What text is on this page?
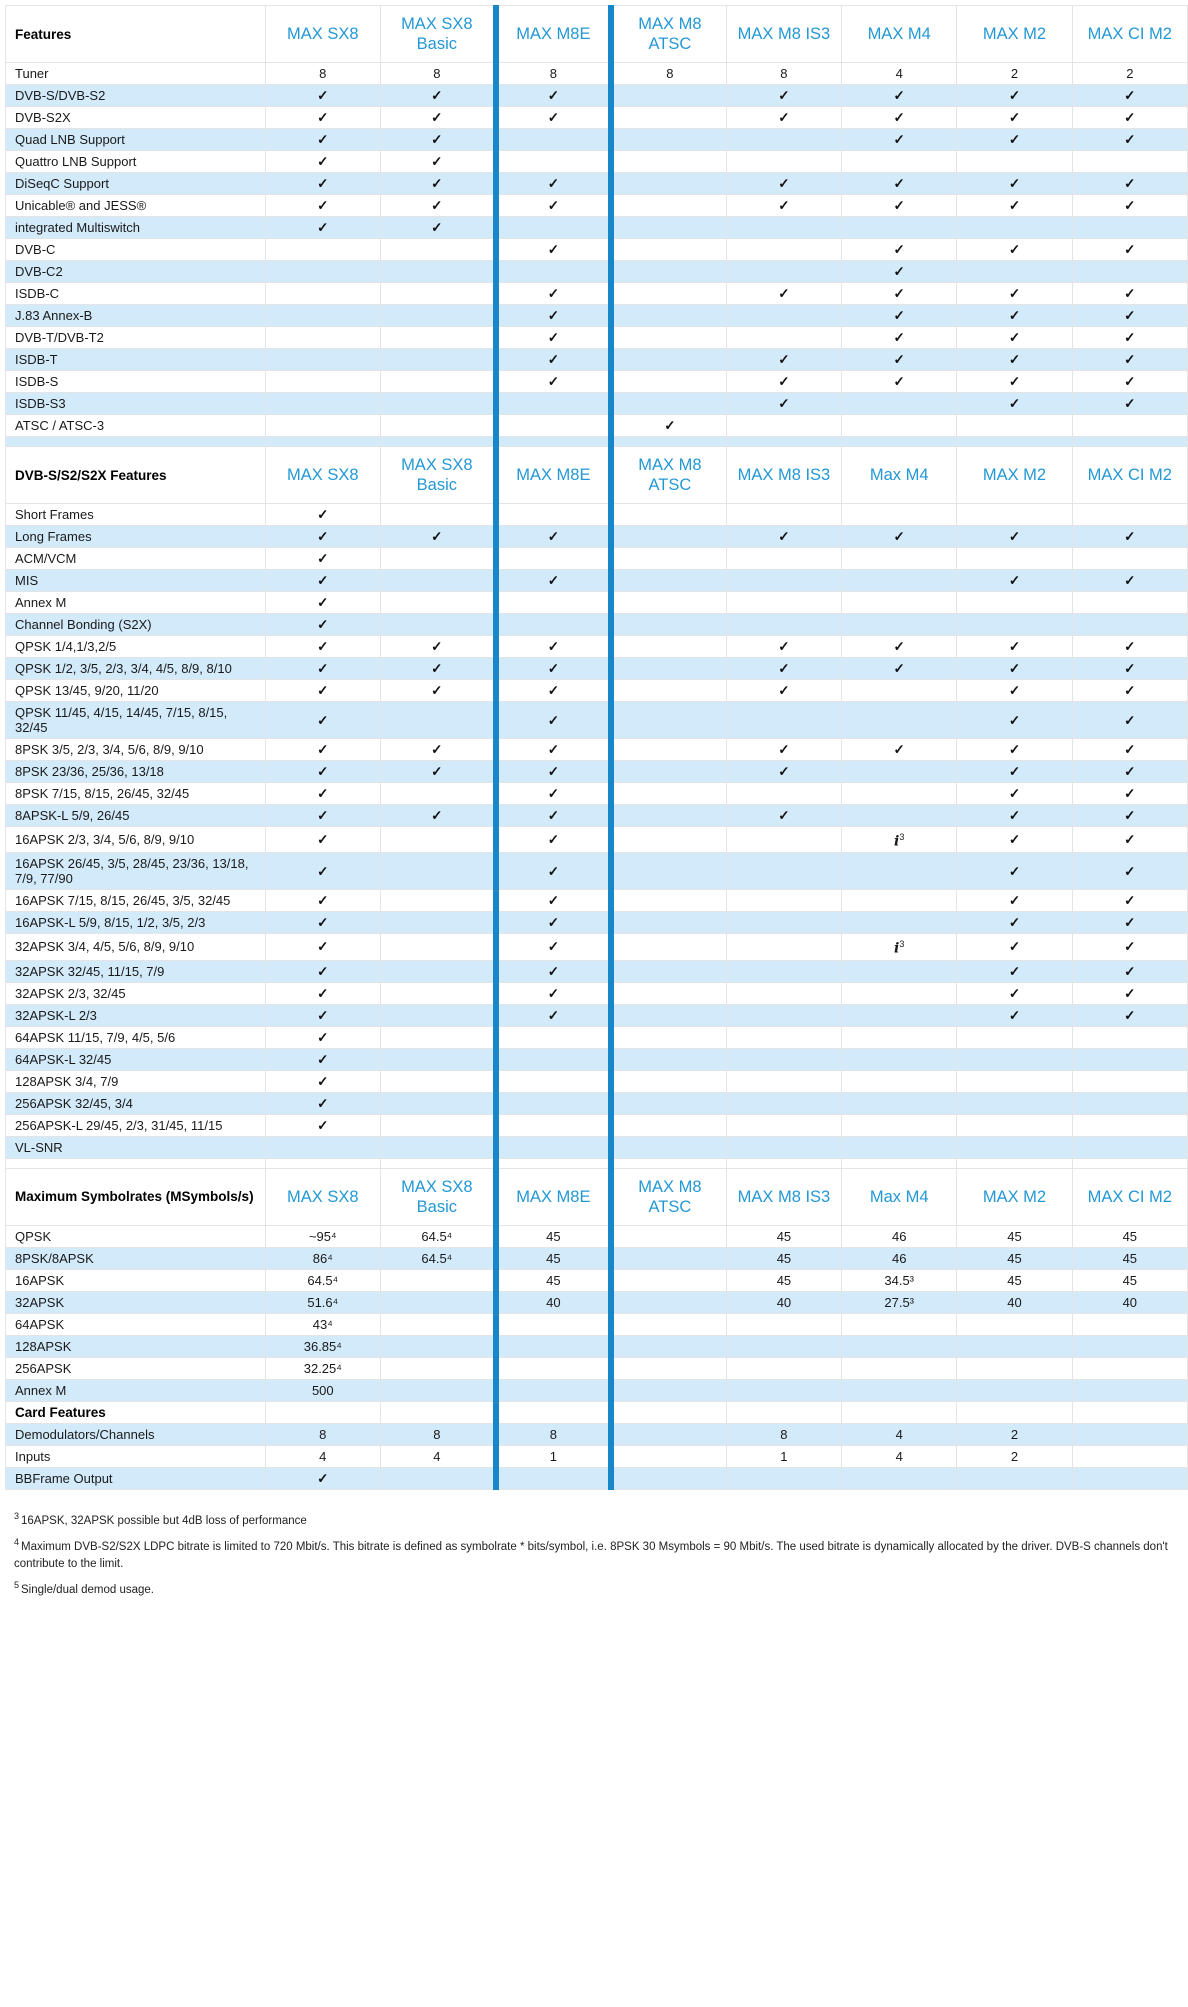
Features	MAX SX8	MAX SX8 Basic	MAX M8E	MAX M8 ATSC	MAX M8 IS3	MAX M4	MAX M2	MAX CI M2
Tuner	8	8	8	8	8	4	2	2
DVB-S/DVB-S2	✓	✓	✓		✓	✓	✓	✓
DVB-S2X	✓	✓	✓		✓	✓	✓	✓
Quad LNB Support	✓	✓				✓	✓	✓
Quattro LNB Support	✓	✓						
DiSeqC Support	✓	✓	✓		✓	✓	✓	✓
Unicable® and JESS®	✓	✓	✓		✓	✓	✓	✓
integrated Multiswitch	✓	✓						
DVB-C			✓			✓	✓	✓
DVB-C2						✓		
ISDB-C			✓		✓	✓	✓	✓
J.83 Annex-B			✓			✓	✓	✓
DVB-T/DVB-T2			✓			✓	✓	✓
ISDB-T			✓		✓	✓	✓	✓
ISDB-S			✓		✓	✓	✓	✓
ISDB-S3					✓		✓	✓
ATSC / ATSC-3				✓				

DVB-S/S2/S2X Features	MAX SX8	MAX SX8 Basic	MAX M8E	MAX M8 ATSC	MAX M8 IS3	Max M4	MAX M2	MAX CI M2
Short Frames	✓							
Long Frames	✓	✓	✓		✓	✓	✓	✓
ACM/VCM	✓							
MIS	✓		✓				✓	✓
Annex M	✓							
Channel Bonding (S2X)	✓							
QPSK 1/4,1/3,2/5	✓	✓	✓		✓	✓	✓	✓
QPSK 1/2, 3/5, 2/3, 3/4, 4/5, 8/9, 8/10	✓	✓	✓		✓	✓	✓	✓
QPSK 13/45, 9/20, 11/20	✓	✓	✓		✓		✓	✓
QPSK 11/45, 4/15, 14/45, 7/15, 8/15, 32/45	✓		✓				✓	✓
8PSK 3/5, 2/3, 3/4, 5/6, 8/9, 9/10	✓	✓	✓		✓	✓	✓	✓
8PSK 23/36, 25/36, 13/18	✓	✓	✓		✓		✓	✓
8PSK 7/15, 8/15, 26/45, 32/45	✓		✓				✓	✓
8APSK-L 5/9, 26/45	✓	✓	✓		✓		✓	✓
16APSK 2/3, 3/4, 5/6, 8/9, 9/10	✓		✓			$i^3$	✓	✓
16APSK 26/45, 3/5, 28/45, 23/36, 13/18, 7/9, 77/90	✓		✓				✓	✓
16APSK 7/15, 8/15, 26/45, 3/5, 32/45	✓		✓				✓	✓
16APSK-L 5/9, 8/15, 1/2, 3/5, 2/3	✓		✓				✓	✓
32APSK 3/4, 4/5, 5/6, 8/9, 9/10	✓		✓			$i^3$	✓	✓
32APSK 32/45, 11/15, 7/9	✓		✓				✓	✓
32APSK 2/3, 32/45	✓		✓				✓	✓
32APSK-L 2/3	✓		✓				✓	✓
64APSK 11/15, 7/9, 4/5, 5/6	✓							
64APSK-L 32/45	✓							
128APSK 3/4, 7/9	✓							
256APSK 32/45, 3/4	✓							
256APSK-L 29/45, 2/3, 31/45, 11/15	✓							
VL-SNR								

Maximum Symbolrates (MSymbols/s)	MAX SX8	MAX SX8 Basic	MAX M8E	MAX M8 ATSC	MAX M8 IS3	Max M4	MAX M2	MAX CI M2
QPSK	~95⁴	64.5⁴	45		45	46	45	45
8PSK/8APSK	86⁴	64.5⁴	45		45	46	45	45
16APSK	64.5⁴		45		45	34.5³	45	45
32APSK	51.6⁴		40		40	27.5³	40	40
64APSK	43⁴							
128APSK	36.85⁴							
256APSK	32.25⁴							
Annex M	500							
Card Features								
Demodulators/Channels	8	8	8		8	4	2	
Inputs	4	4	1		1	4	2	
BBFrame Output	✓							
$^3$ 16APSK, 32APSK possible but 4dB loss of performance
$^4$ Maximum DVB-S2/S2X LDPC bitrate is limited to 720 Mbit/s. This bitrate is defined as symbolrate * bits/symbol, i.e. 8PSK 30 Msymbols = 90 Mbit/s. The used bitrate is dynamically allocated by the driver. DVB-S channels don't contribute to the limit.
$^5$ Single/dual demod usage.
